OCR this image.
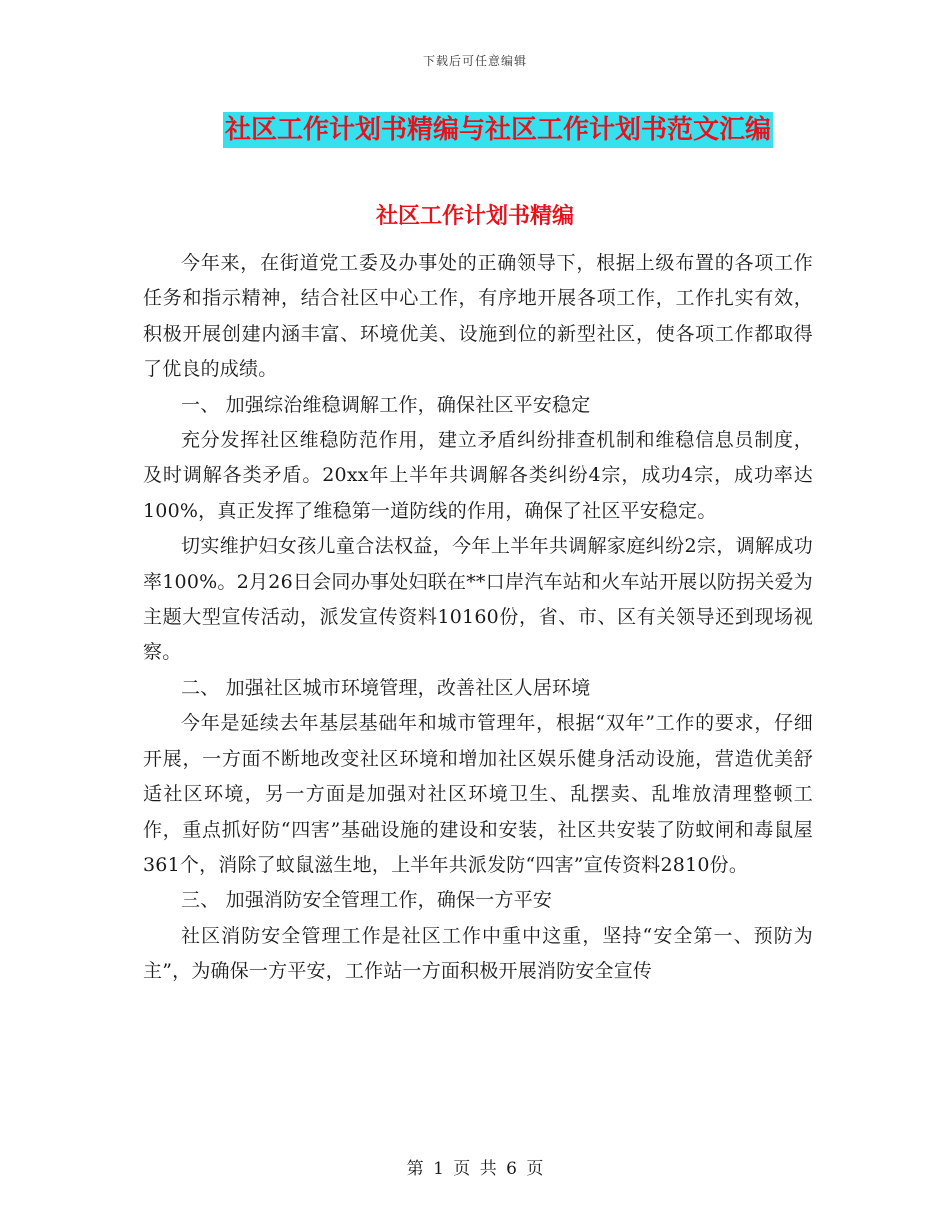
下载后可任意编辑
社区工作计划书精编与社区工作计划书范文汇编
社区工作计划书精编

今年来，在街道党工委及办事处的正确领导下，根据上级布置的各项工作任务和指示精神，结合社区中心工作，有序地开展各项工作，工作扎实有效，积极开展创建内涵丰富、环境优美、设施到位的新型社区，使各项工作都取得了优良的成绩。

一、 加强综治维稳调解工作，确保社区平安稳定

充分发挥社区维稳防范作用，建立矛盾纠纷排查机制和维稳信息员制度，及时调解各类矛盾。20xx年上半年共调解各类纠纷4宗，成功4宗，成功率达100%，真正发挥了维稳第一道防线的作用，确保了社区平安稳定。

切实维护妇女孩儿童合法权益，今年上半年共调解家庭纠纷2宗，调解成功率100%。2月26日会同办事处妇联在**口岸汽车站和火车站开展以防拐关爱为主题大型宣传活动，派发宣传资料10160份，省、市、区有关领导还到现场视察。

二、 加强社区城市环境管理，改善社区人居环境

今年是延续去年基层基础年和城市管理年，根据“双年”工作的要求，仔细开展，一方面不断地改变社区环境和增加社区娱乐健身活动设施，营造优美舒适社区环境，另一方面是加强对社区环境卫生、乱摆卖、乱堆放清理整顿工作，重点抓好防“四害”基础设施的建设和安装，社区共安装了防蚊闸和毒鼠屋361个，消除了蚊鼠滋生地，上半年共派发防“四害”宣传资料2810份。

三、 加强消防安全管理工作，确保一方平安

社区消防安全管理工作是社区工作中重中这重，坚持“安全第一、预防为主”，为确保一方平安，工作站一方面积极开展消防安全宣传

第 1 页 共 6 页
